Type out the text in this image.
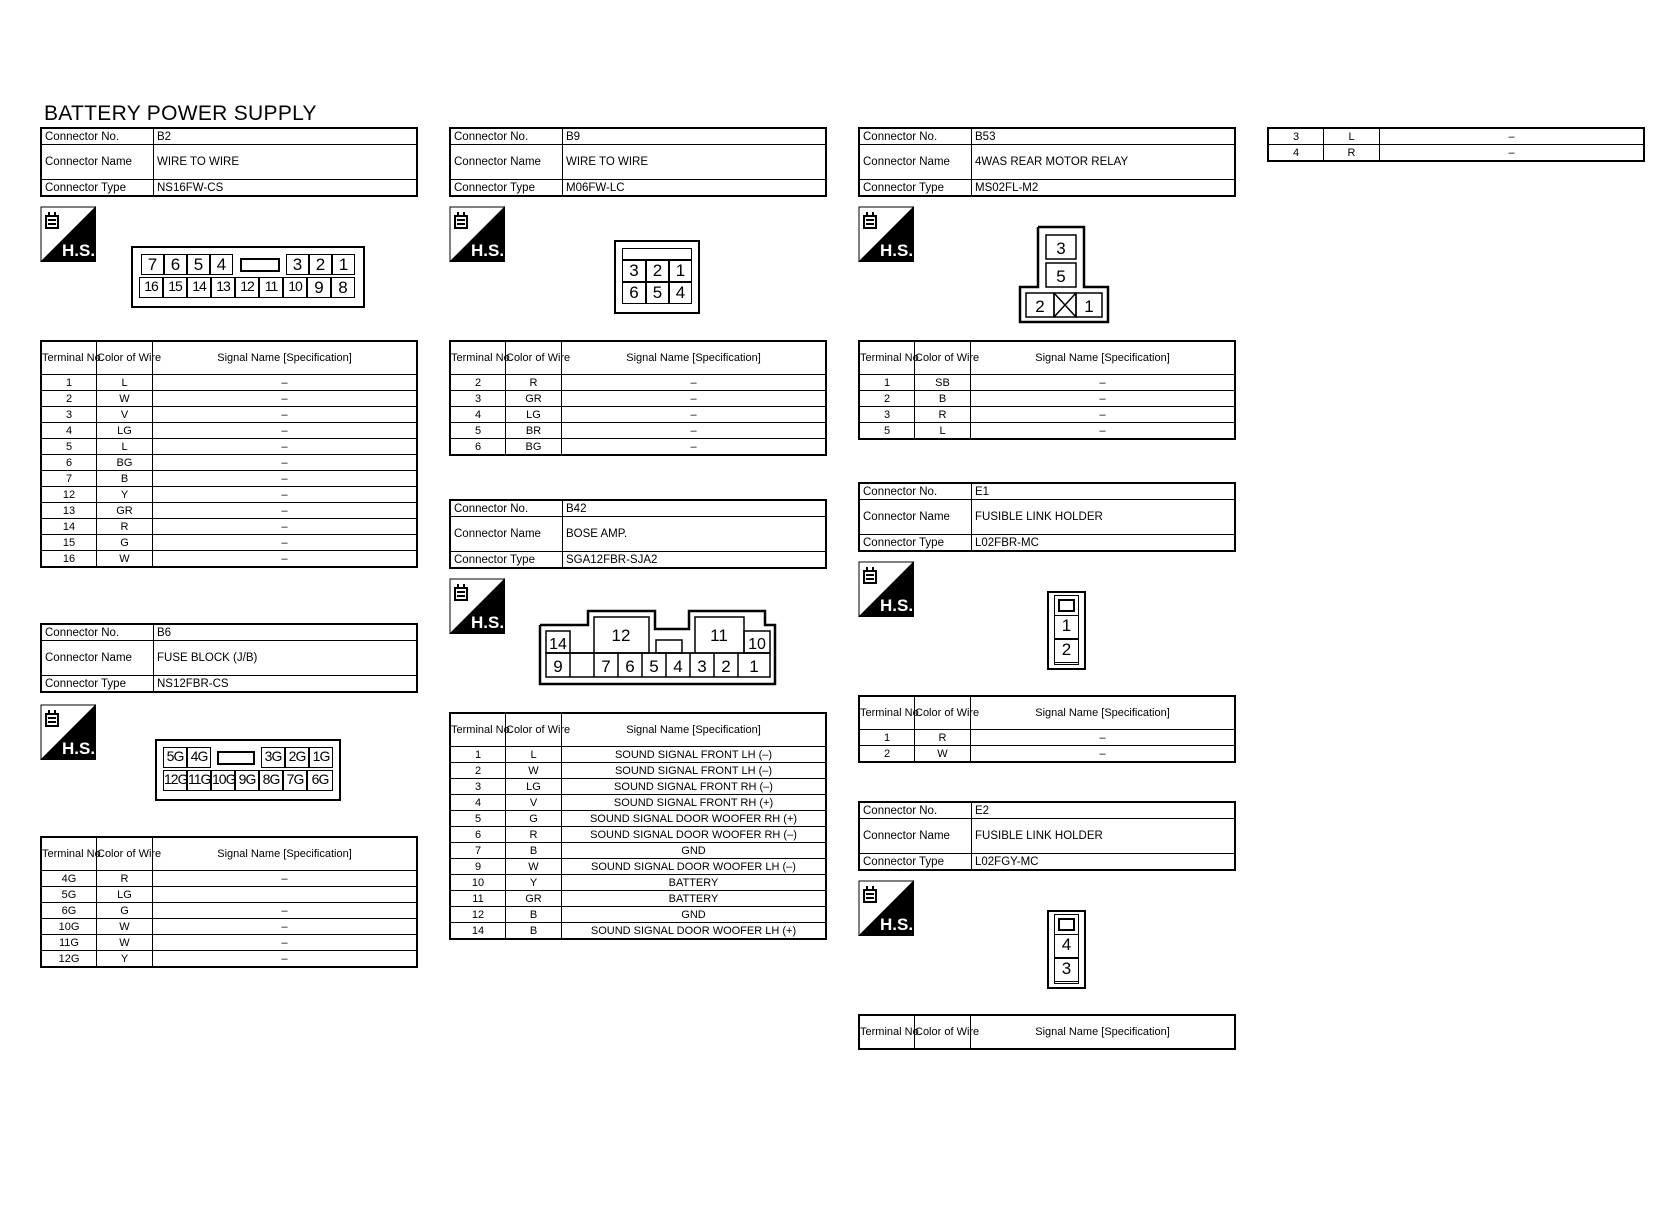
BATTERY POWER SUPPLY
Connector No.	B2
Connector Name	WIRE TO WIRE
Connector Type	NS16FW-CS
H.S.
7 6 5 4	3 2 1
16 15 14 13 12 11 10 9 8
Terminal No.	Color of Wire	Signal Name [Specification]
1	L	–
2	W	–
3	V	–
4	LG	–
5	L	–
6	BG	–
7	B	–
12	Y	–
13	GR	–
14	R	–
15	G	–
16	W	–
Connector No.	B6
Connector Name	FUSE BLOCK (J/B)
Connector Type	NS12FBR-CS
H.S.	5G 4G	3G 2G 1G
12G 11G 10G 9G 8G 7G 6G
Terminal No.	Color of Wire	Signal Name [Specification]
4G	R	–
5G	LG	
6G	G	–
10G	W	–
11G	W	–
12G	Y	–
Connector No.	B9
Connector Name	WIRE TO WIRE
Connector Type	M06FW-LC
H.S.
3 2 1
6 5 4
Terminal No.	Color of Wire	Signal Name [Specification]
2	R	–
3	GR	–
4	LG	–
5	BR	–
6	BG	–
Connector No.	B42
Connector Name	BOSE AMP.
Connector Type	SGA12FBR-SJA2
H.S.
14	12	11 10
9 7 6 5 4 3 2 1
Terminal No.	Color of Wire	Signal Name [Specification]
1	L	SOUND SIGNAL FRONT LH (–)
2	W	SOUND SIGNAL FRONT LH (–)
3	LG	SOUND SIGNAL FRONT RH (–)
4	V	SOUND SIGNAL FRONT RH (+)
5	G	SOUND SIGNAL DOOR WOOFER RH (+)
6	R	SOUND SIGNAL DOOR WOOFER RH (–)
7	B	GND
9	W	SOUND SIGNAL DOOR WOOFER LH (–)
10	Y	BATTERY
11	GR	BATTERY
12	B	GND
14	B	SOUND SIGNAL DOOR WOOFER LH (+)
Connector No.	B53
Connector Name	4WAS REAR MOTOR RELAY
Connector Type	MS02FL-M2
H.S.	3
5
2 1
Terminal No.	Color of Wire	Signal Name [Specification]
1	SB	–
2	B	–
3	R	–
5	L	–
Connector No.	E1
Connector Name	FUSIBLE LINK HOLDER
Connector Type	L02FBR-MC
H.S.
1
2
Terminal No.	Color of Wire	Signal Name [Specification]
1	R	–
2	W	–
Connector No.	E2
Connector Name	FUSIBLE LINK HOLDER
Connector Type	L02FGY-MC
H.S.
4
3
Terminal No.	Color of Wire	Signal Name [Specification]
3	L	–
4	R	–
